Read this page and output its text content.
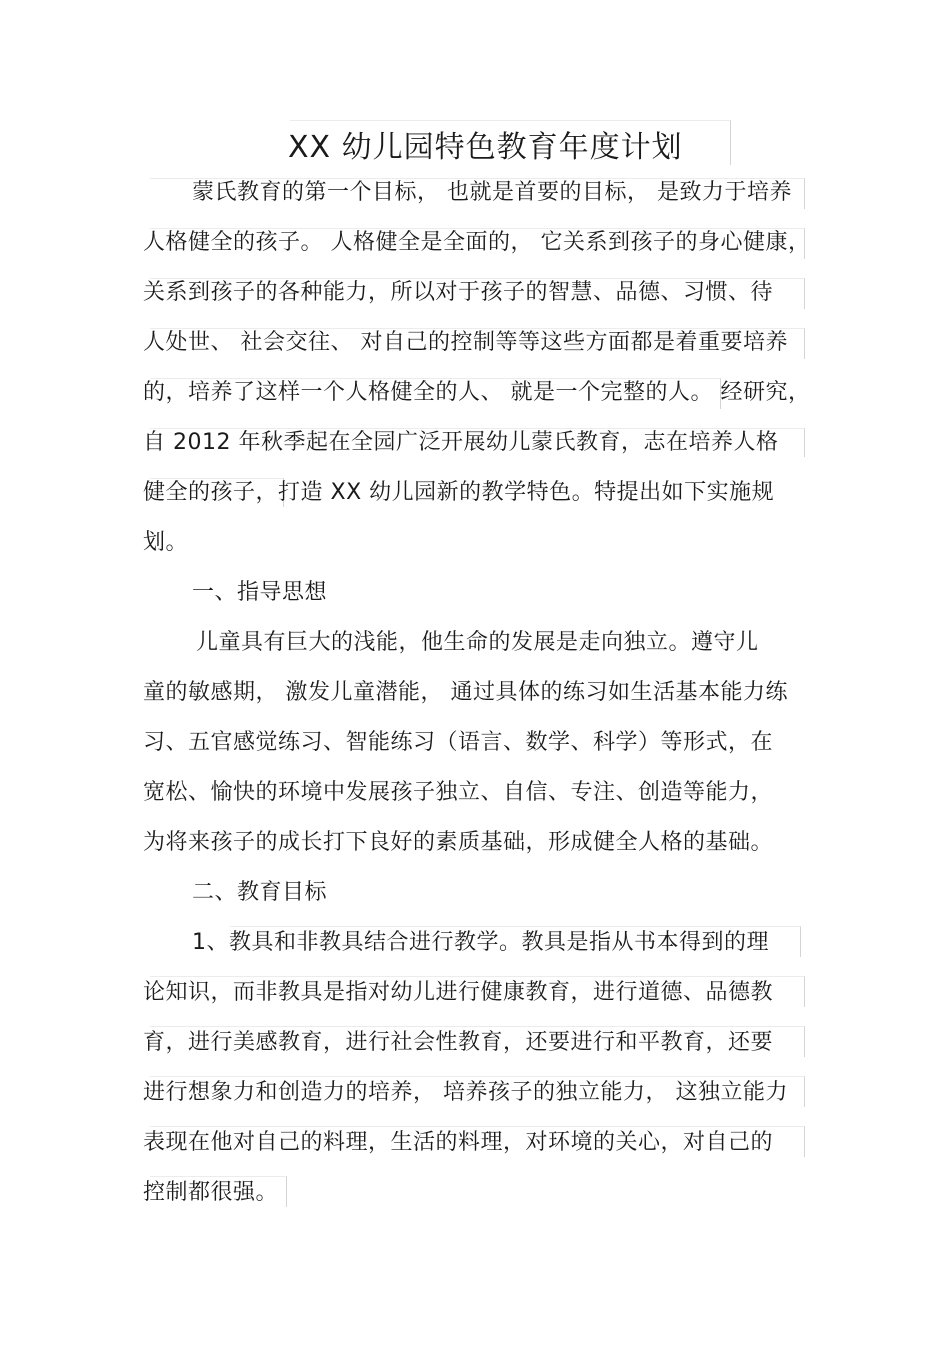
XX 幼儿园特色教育年度计划
蒙氏教育的第一个目标， 也就是首要的目标， 是致力于培养
人格健全的孩子。 人格健全是全面的， 它关系到孩子的身心健康，
关系到孩子的各种能力，所以对于孩子的智慧、品德、习惯、待
人处世、 社会交往、 对自己的控制等等这些方面都是着重要培养
的，培养了这样一个人格健全的人、 就是一个完整的人。 经研究，
自 2012 年秋季起在全园广泛开展幼儿蒙氏教育，志在培养人格
健全的孩子，打造 XX 幼儿园新的教学特色。特提出如下实施规
划。
一、指导思想
儿童具有巨大的浅能，他生命的发展是走向独立。遵守儿
童的敏感期， 激发儿童潜能， 通过具体的练习如生活基本能力练
习、五官感觉练习、智能练习（语言、数学、科学）等形式，在
宽松、愉快的环境中发展孩子独立、自信、专注、创造等能力，
为将来孩子的成长打下良好的素质基础，形成健全人格的基础。
二、教育目标
1、教具和非教具结合进行教学。教具是指从书本得到的理
论知识，而非教具是指对幼儿进行健康教育，进行道德、品德教
育，进行美感教育，进行社会性教育，还要进行和平教育，还要
进行想象力和创造力的培养， 培养孩子的独立能力， 这独立能力
表现在他对自己的料理，生活的料理，对环境的关心，对自己的
控制都很强。
